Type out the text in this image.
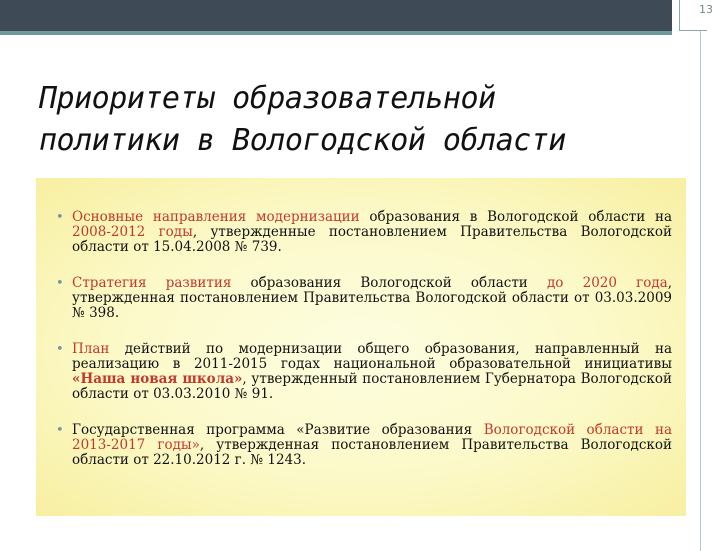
13
Приоритеты образовательной
политики в Вологодской области
• Основные направления модернизации образования в Вологодской области на 2008-2012 годы, утвержденные постановлением Правительства Вологодской области от 15.04.2008 № 739.
• Стратегия развития образования Вологодской области до 2020 года, утвержденная постановлением Правительства Вологодской области от 03.03.2009 № 398.
• План действий по модернизации общего образования, направленный на реализацию в 2011-2015 годах национальной образовательной инициативы «Наша новая школа», утвержденный постановлением Губернатора Вологодской области от 03.03.2010 № 91.
• Государственная программа «Развитие образования Вологодской области на 2013-2017 годы», утвержденная постановлением Правительства Вологодской области от 22.10.2012 г. № 1243.
